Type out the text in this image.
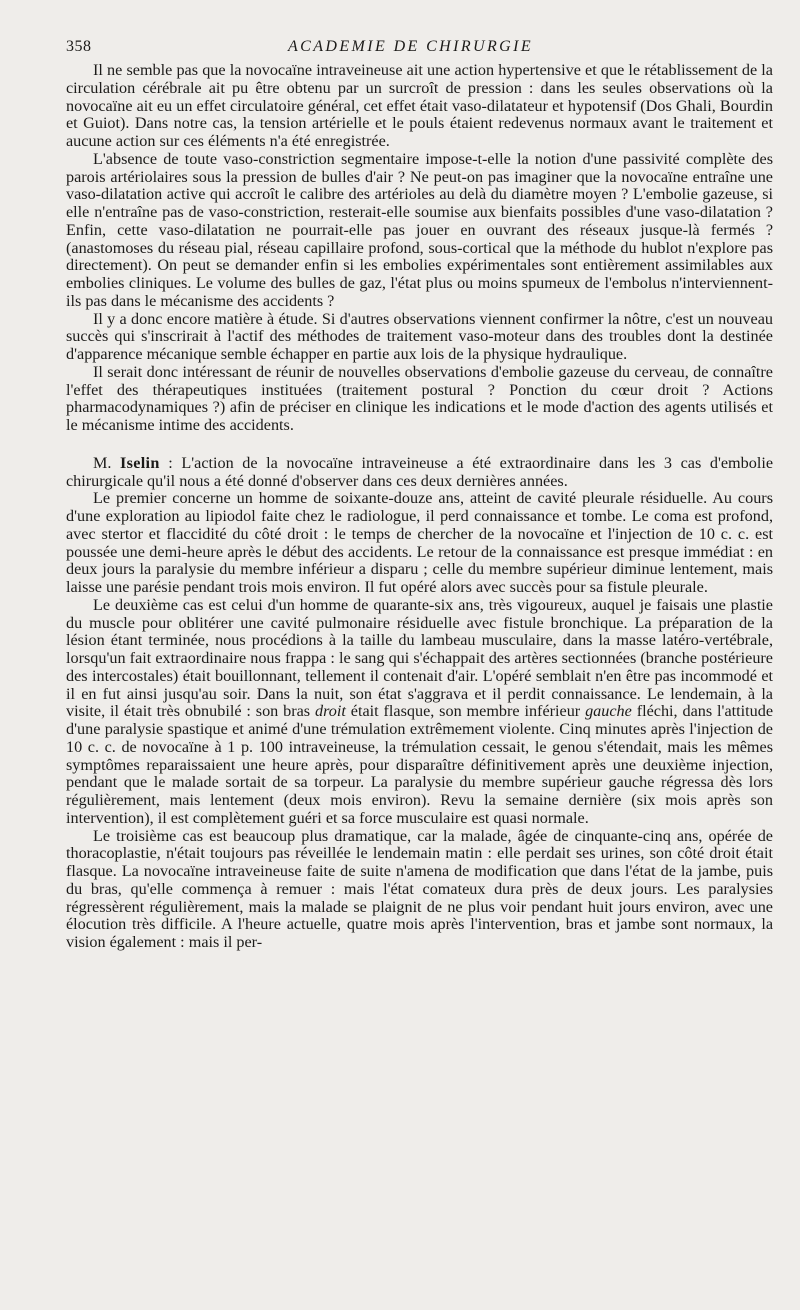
358	ACADEMIE DE CHIRURGIE

Il ne semble pas que la novocaïne intraveineuse ait une action hypertensive et que le rétablissement de la circulation cérébrale ait pu être obtenu par un surcroît de pression : dans les seules observations où la novocaïne ait eu un effet circulatoire général, cet effet était vaso-dilatateur et hypotensif (Dos Ghali, Bourdin et Guiot). Dans notre cas, la tension artérielle et le pouls étaient redevenus normaux avant le traitement et aucune action sur ces éléments n'a été enregistrée.

L'absence de toute vaso-constriction segmentaire impose-t-elle la notion d'une passivité complète des parois artériolaires sous la pression de bulles d'air ? Ne peut-on pas imaginer que la novocaïne entraîne une vaso-dilatation active qui accroît le calibre des artérioles au delà du diamètre moyen ? L'embolie gazeuse, si elle n'entraîne pas de vaso-constriction, resterait-elle soumise aux bienfaits possibles d'une vaso-dilatation ? Enfin, cette vaso-dilatation ne pourrait-elle pas jouer en ouvrant des réseaux jusque-là fermés ? (anastomoses du réseau pial, réseau capillaire profond, sous-cortical que la méthode du hublot n'explore pas directement). On peut se demander enfin si les embolies expérimentales sont entièrement assimilables aux embolies cliniques. Le volume des bulles de gaz, l'état plus ou moins spumeux de l'embolus n'interviennent-ils pas dans le mécanisme des accidents ?

Il y a donc encore matière à étude. Si d'autres observations viennent confirmer la nôtre, c'est un nouveau succès qui s'inscrirait à l'actif des méthodes de traitement vaso-moteur dans des troubles dont la destinée d'apparence mécanique semble échapper en partie aux lois de la physique hydraulique.

Il serait donc intéressant de réunir de nouvelles observations d'embolie gazeuse du cerveau, de connaître l'effet des thérapeutiques instituées (traitement postural ? Ponction du cœur droit ? Actions pharmacodynamiques ?) afin de préciser en clinique les indications et le mode d'action des agents utilisés et le mécanisme intime des accidents.

M. Iselin : L'action de la novocaïne intraveineuse a été extraordinaire dans les 3 cas d'embolie chirurgicale qu'il nous a été donné d'observer dans ces deux dernières années.

Le premier concerne un homme de soixante-douze ans, atteint de cavité pleurale résiduelle. Au cours d'une exploration au lipiodol faite chez le radiologue, il perd connaissance et tombe. Le coma est profond, avec stertor et flaccidité du côté droit : le temps de chercher de la novocaïne et l'injection de 10 c. c. est poussée une demi-heure après le début des accidents. Le retour de la connaissance est presque immédiat : en deux jours la paralysie du membre inférieur a disparu ; celle du membre supérieur diminue lentement, mais laisse une parésie pendant trois mois environ. Il fut opéré alors avec succès pour sa fistule pleurale.

Le deuxième cas est celui d'un homme de quarante-six ans, très vigoureux, auquel je faisais une plastie du muscle pour oblitérer une cavité pulmonaire résiduelle avec fistule bronchique. La préparation de la lésion étant terminée, nous procédions à la taille du lambeau musculaire, dans la masse latéro-vertébrale, lorsqu'un fait extraordinaire nous frappa : le sang qui s'échappait des artères sectionnées (branche postérieure des intercostales) était bouillonnant, tellement il contenait d'air. L'opéré semblait n'en être pas incommodé et il en fut ainsi jusqu'au soir. Dans la nuit, son état s'aggrava et il perdit connaissance. Le lendemain, à la visite, il était très obnubilé : son bras droit était flasque, son membre inférieur gauche fléchi, dans l'attitude d'une paralysie spastique et animé d'une trémulation extrêmement violente. Cinq minutes après l'injection de 10 c. c. de novocaïne à 1 p. 100 intraveineuse, la trémulation cessait, le genou s'étendait, mais les mêmes symptômes reparaissaient une heure après, pour disparaître définitivement après une deuxième injection, pendant que le malade sortait de sa torpeur. La paralysie du membre supérieur gauche régressa dès lors régulièrement, mais lentement (deux mois environ). Revu la semaine dernière (six mois après son intervention), il est complètement guéri et sa force musculaire est quasi normale.

Le troisième cas est beaucoup plus dramatique, car la malade, âgée de cinquante-cinq ans, opérée de thoracoplastie, n'était toujours pas réveillée le lendemain matin : elle perdait ses urines, son côté droit était flasque. La novocaïne intraveineuse faite de suite n'amena de modification que dans l'état de la jambe, puis du bras, qu'elle commença à remuer : mais l'état comateux dura près de deux jours. Les paralysies régressèrent régulièrement, mais la malade se plaignit de ne plus voir pendant huit jours environ, avec une élocution très difficile. A l'heure actuelle, quatre mois après l'intervention, bras et jambe sont normaux, la vision également : mais il per-
